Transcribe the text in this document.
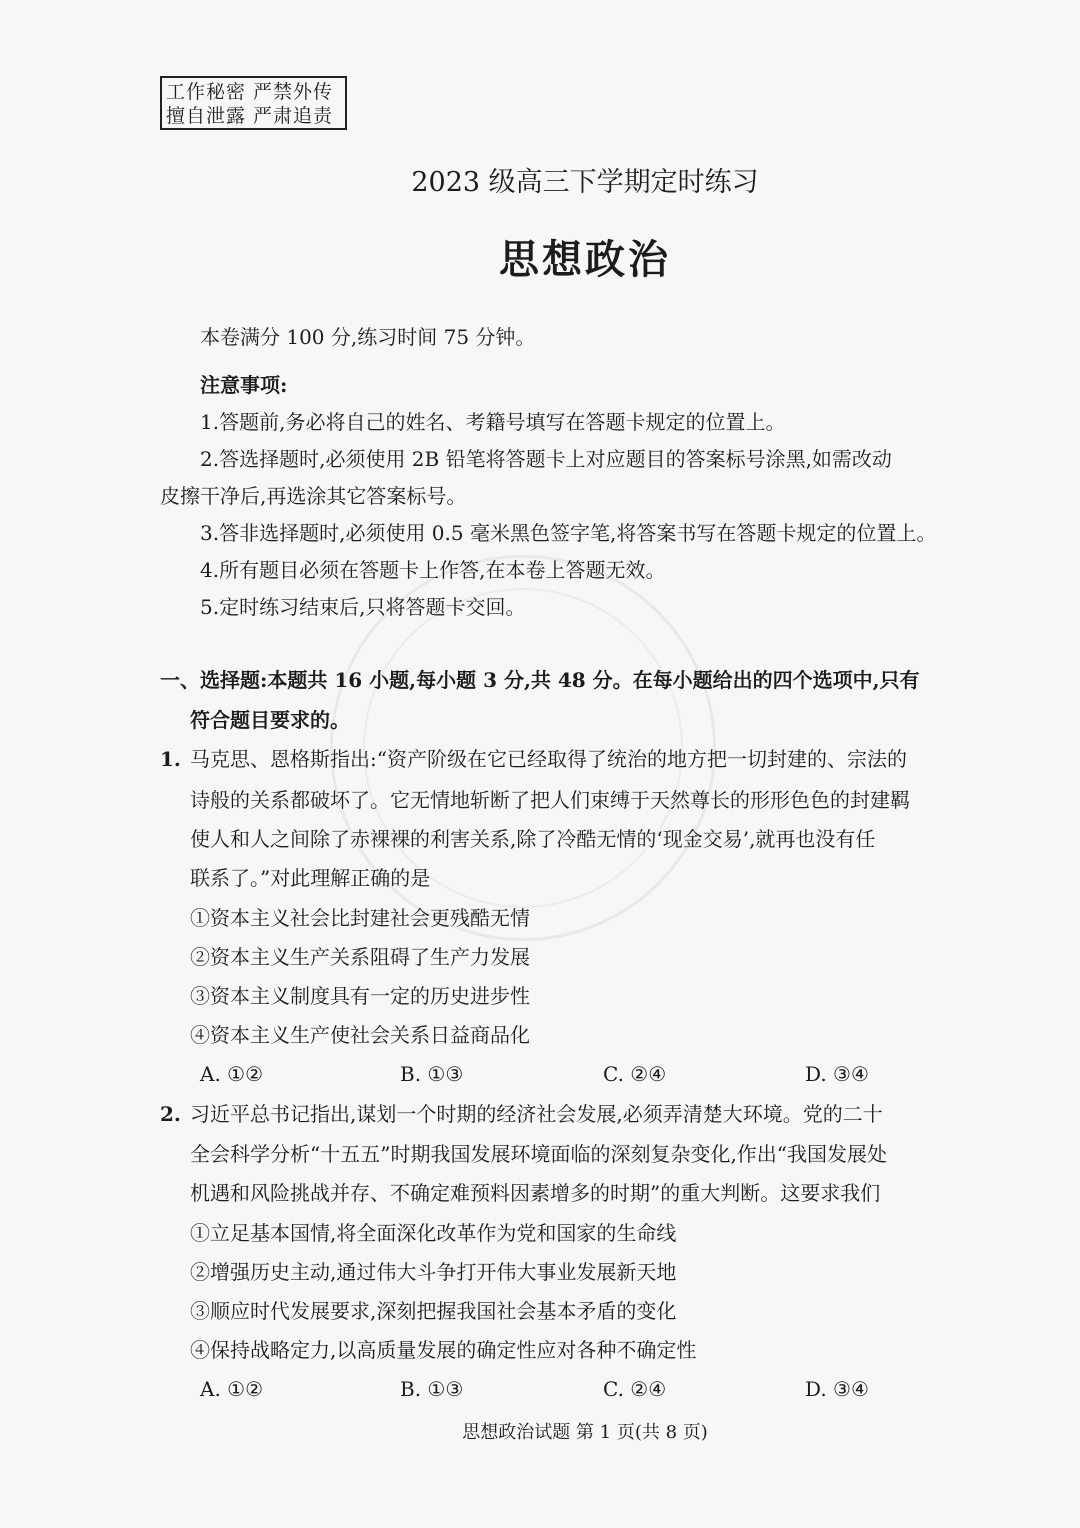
工作秘密 严禁外传
擅自泄露 严肃追责
2023 级高三下学期定时练习
思想政治
本卷满分 100 分,练习时间 75 分钟。
注意事项:
1.答题前,务必将自己的姓名、考籍号填写在答题卡规定的位置上。
2.答选择题时,必须使用 2B 铅笔将答题卡上对应题目的答案标号涂黑,如需改动
皮擦干净后,再选涂其它答案标号。
3.答非选择题时,必须使用 0.5 毫米黑色签字笔,将答案书写在答题卡规定的位置上。
4.所有题目必须在答题卡上作答,在本卷上答题无效。
5.定时练习结束后,只将答题卡交回。
一、选择题:本题共 16 小题,每小题 3 分,共 48 分。在每小题给出的四个选项中,只有
符合题目要求的。
1. 马克思、恩格斯指出:“资产阶级在它已经取得了统治的地方把一切封建的、宗法的
诗般的关系都破坏了。它无情地斩断了把人们束缚于天然尊长的形形色色的封建羁
使人和人之间除了赤裸裸的利害关系,除了冷酷无情的‘现金交易’,就再也没有任
联系了。”对此理解正确的是
①资本主义社会比封建社会更残酷无情
②资本主义生产关系阻碍了生产力发展
③资本主义制度具有一定的历史进步性
④资本主义生产使社会关系日益商品化
A. ①②	B. ①③	C. ②④	D. ③④
2. 习近平总书记指出,谋划一个时期的经济社会发展,必须弄清楚大环境。党的二十
全会科学分析“十五五”时期我国发展环境面临的深刻复杂变化,作出“我国发展处
机遇和风险挑战并存、不确定难预料因素增多的时期”的重大判断。这要求我们
①立足基本国情,将全面深化改革作为党和国家的生命线
②增强历史主动,通过伟大斗争打开伟大事业发展新天地
③顺应时代发展要求,深刻把握我国社会基本矛盾的变化
④保持战略定力,以高质量发展的确定性应对各种不确定性
A. ①②	B. ①③	C. ②④	D. ③④
思想政治试题 第 1 页(共 8 页)
